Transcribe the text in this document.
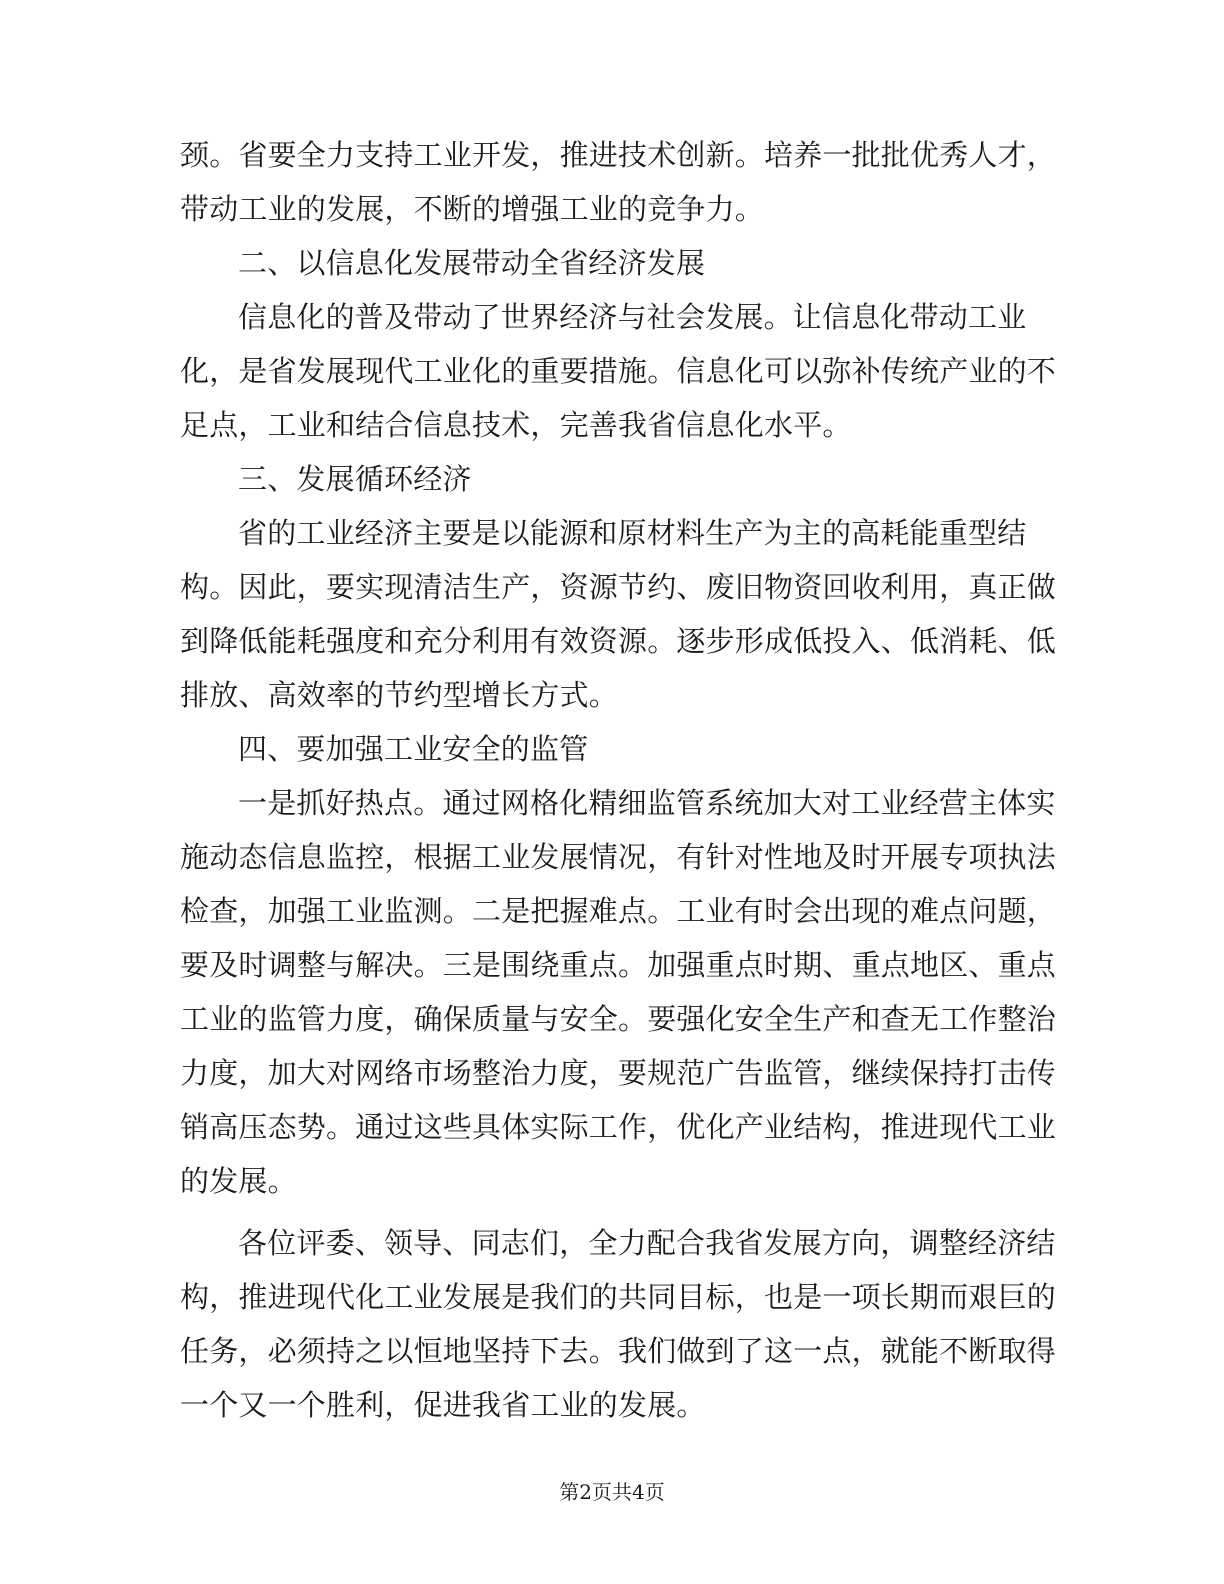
颈。省要全力支持工业开发，推进技术创新。培养一批批优秀人才，
带动工业的发展，不断的增强工业的竞争力。
二、以信息化发展带动全省经济发展
信息化的普及带动了世界经济与社会发展。让信息化带动工业
化，是省发展现代工业化的重要措施。信息化可以弥补传统产业的不
足点，工业和结合信息技术，完善我省信息化水平。
三、发展循环经济
省的工业经济主要是以能源和原材料生产为主的高耗能重型结
构。因此，要实现清洁生产，资源节约、废旧物资回收利用，真正做
到降低能耗强度和充分利用有效资源。逐步形成低投入、低消耗、低
排放、高效率的节约型增长方式。
四、要加强工业安全的监管
一是抓好热点。通过网格化精细监管系统加大对工业经营主体实
施动态信息监控，根据工业发展情况，有针对性地及时开展专项执法
检查，加强工业监测。二是把握难点。工业有时会出现的难点问题，
要及时调整与解决。三是围绕重点。加强重点时期、重点地区、重点
工业的监管力度，确保质量与安全。要强化安全生产和查无工作整治
力度，加大对网络市场整治力度，要规范广告监管，继续保持打击传
销高压态势。通过这些具体实际工作，优化产业结构，推进现代工业
的发展。
各位评委、领导、同志们，全力配合我省发展方向，调整经济结
构，推进现代化工业发展是我们的共同目标，也是一项长期而艰巨的
任务，必须持之以恒地坚持下去。我们做到了这一点，就能不断取得
一个又一个胜利，促进我省工业的发展。
第2页共4页
